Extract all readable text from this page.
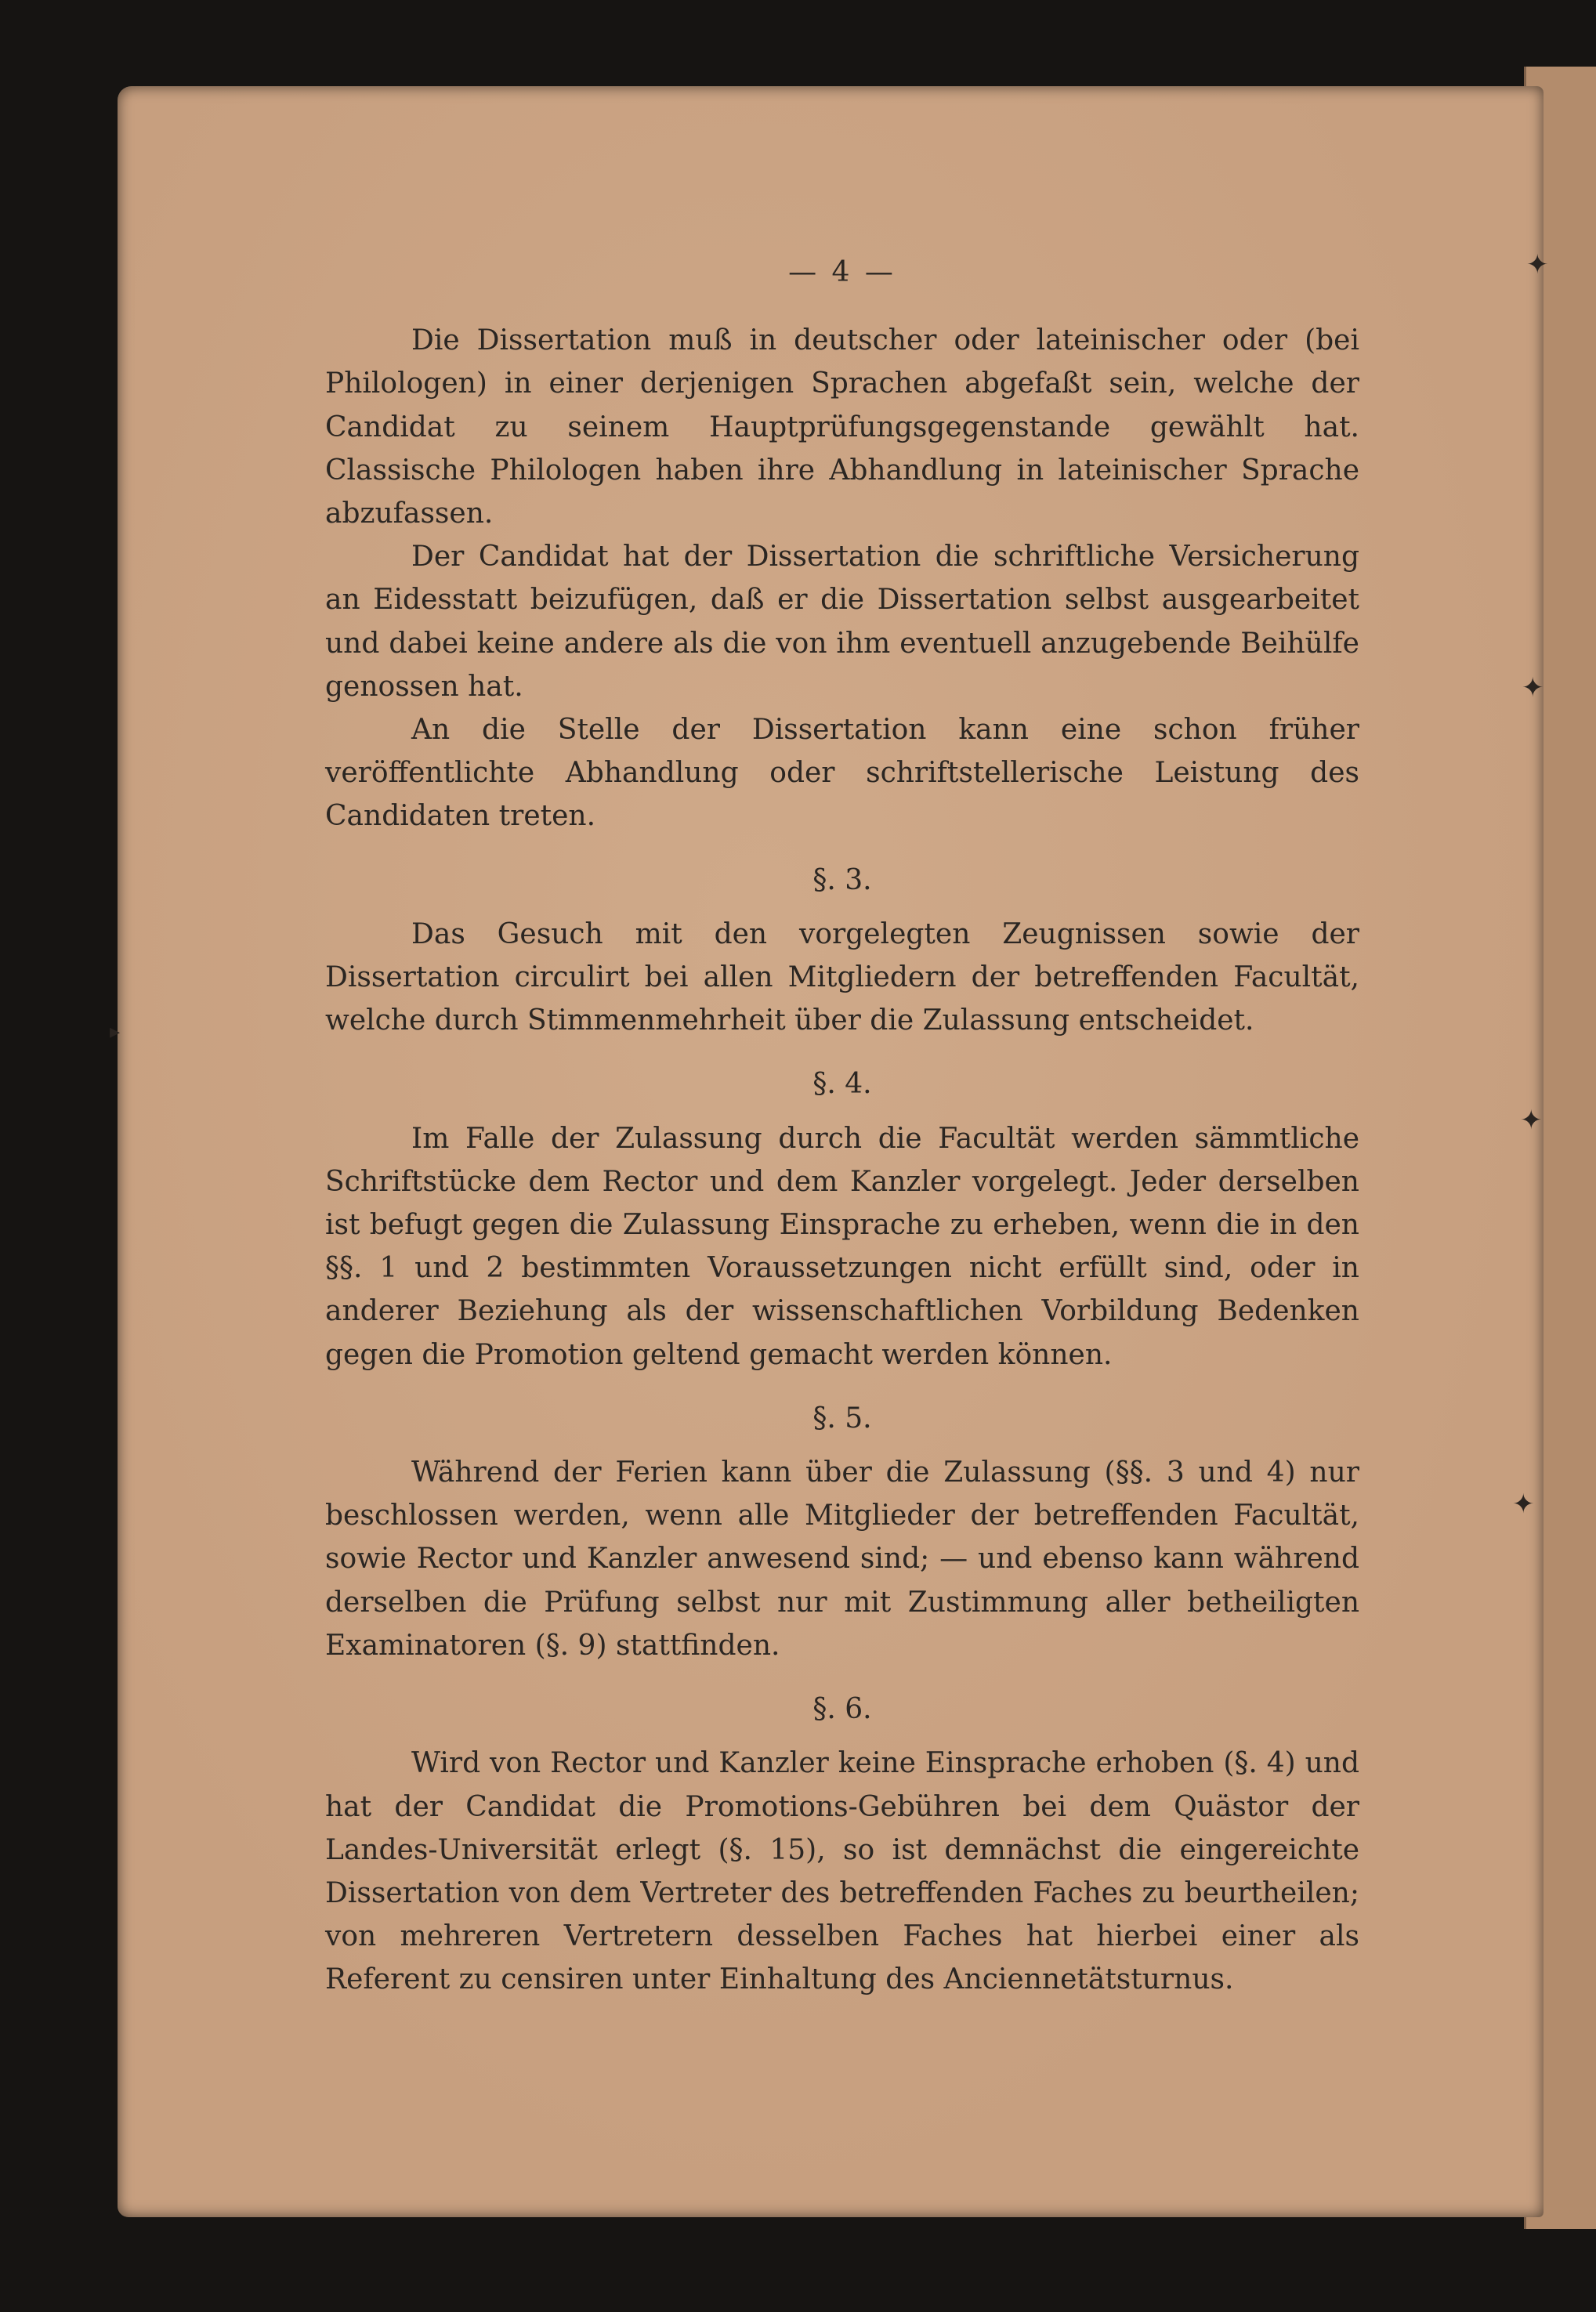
✦
✦
✦
✦
▸
— 4 —

Die Dissertation muß in deutscher oder lateinischer oder (bei Philologen) in einer derjenigen Sprachen abgefaßt sein, welche der Candidat zu seinem Hauptprüfungsgegenstande gewählt hat. Classische Philologen haben ihre Abhandlung in lateinischer Sprache abzufassen.

Der Candidat hat der Dissertation die schriftliche Versicherung an Eidesstatt beizufügen, daß er die Dissertation selbst ausgearbeitet und dabei keine andere als die von ihm eventuell anzugebende Beihülfe genossen hat.

An die Stelle der Dissertation kann eine schon früher veröffentlichte Abhandlung oder schriftstellerische Leistung des Candidaten treten.

§. 3.

Das Gesuch mit den vorgelegten Zeugnissen sowie der Dissertation circulirt bei allen Mitgliedern der betreffenden Facultät, welche durch Stimmenmehrheit über die Zulassung entscheidet.

§. 4.

Im Falle der Zulassung durch die Facultät werden sämmtliche Schriftstücke dem Rector und dem Kanzler vorgelegt. Jeder derselben ist befugt gegen die Zulassung Einsprache zu erheben, wenn die in den §§. 1 und 2 bestimmten Voraussetzungen nicht erfüllt sind, oder in anderer Beziehung als der wissenschaftlichen Vorbildung Bedenken gegen die Promotion geltend gemacht werden können.

§. 5.

Während der Ferien kann über die Zulassung (§§. 3 und 4) nur beschlossen werden, wenn alle Mitglieder der betreffenden Facultät, sowie Rector und Kanzler anwesend sind; — und ebenso kann während derselben die Prüfung selbst nur mit Zustimmung aller betheiligten Examinatoren (§. 9) stattfinden.

§. 6.

Wird von Rector und Kanzler keine Einsprache erhoben (§. 4) und hat der Candidat die Promotions-Gebühren bei dem Quästor der Landes-Universität erlegt (§. 15), so ist demnächst die eingereichte Dissertation von dem Vertreter des betreffenden Faches zu beurtheilen; von mehreren Vertretern desselben Faches hat hierbei einer als Referent zu censiren unter Einhaltung des Anciennetätsturnus.
